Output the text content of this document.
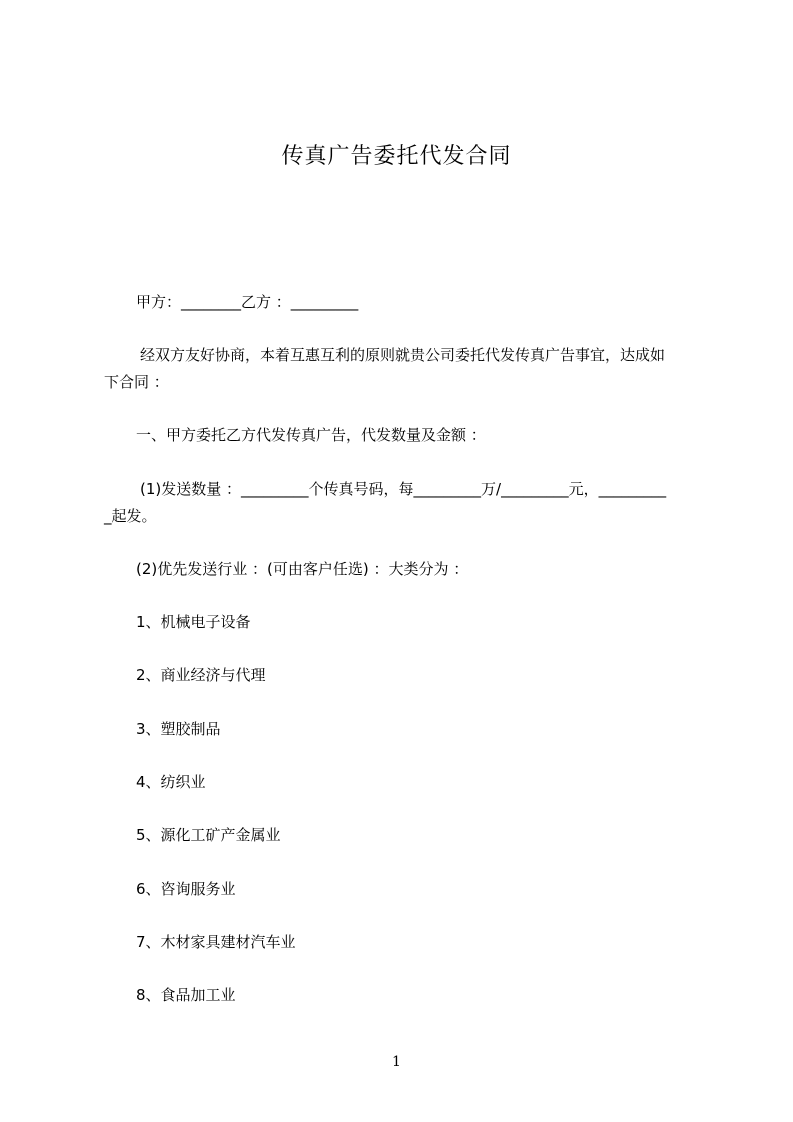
传真广告委托代发合同
甲方：________乙方 ：_________
经双方友好协商，本着互惠互利的原则就贵公司委托代发传真广告事宜，达成如
下合同 ：
一、甲方委托乙方代发传真广告，代发数量及金额 ：
(1)发送数量 ：_________个传真号码，每_________万/_________元，_________
_起发。
(2)优先发送行业 ：(可由客户任选) ：大类分为 ：
1、机械电子设备
2、商业经济与代理
3、塑胶制品
4、纺织业
5、源化工矿产金属业
6、咨询服务业
7、木材家具建材汽车业
8、食品加工业
1
